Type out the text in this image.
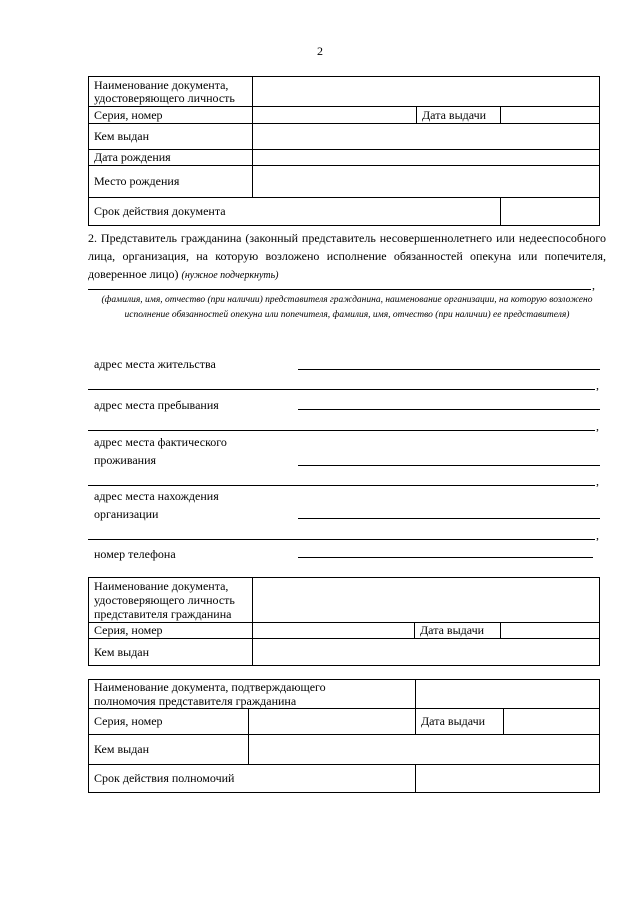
2
Наименование документа, удостоверяющего личность			
Серия, номер		Дата выдачи	
Кем выдан			
Дата рождения			
Место рождения			
Срок действия документа			
2. Представитель гражданина (законный представитель несовершеннолетнего или недееспособного лица, организация, на которую возложено исполнение обязанностей опекуна или попечителя, доверенное лицо) (нужное подчеркнуть)
,
(фамилия, имя, отчество (при наличии) представителя гражданина, наименование организации, на которую возложено исполнение обязанностей опекуна или попечителя, фамилия, имя, отчество (при наличии) ее представителя)
адрес места жительства
,
адрес места пребывания
,
адрес места фактического
проживания
,
адрес места нахождения
организации
,
номер телефона
Наименование документа,
удостоверяющего личность
представителя гражданина			

Серия, номер		Дата выдачи	
Кем выдан			
Наименование документа, подтверждающего
полномочия представителя гражданина			

Серия, номер		Дата выдачи	
Кем выдан			
Срок действия полномочий			
